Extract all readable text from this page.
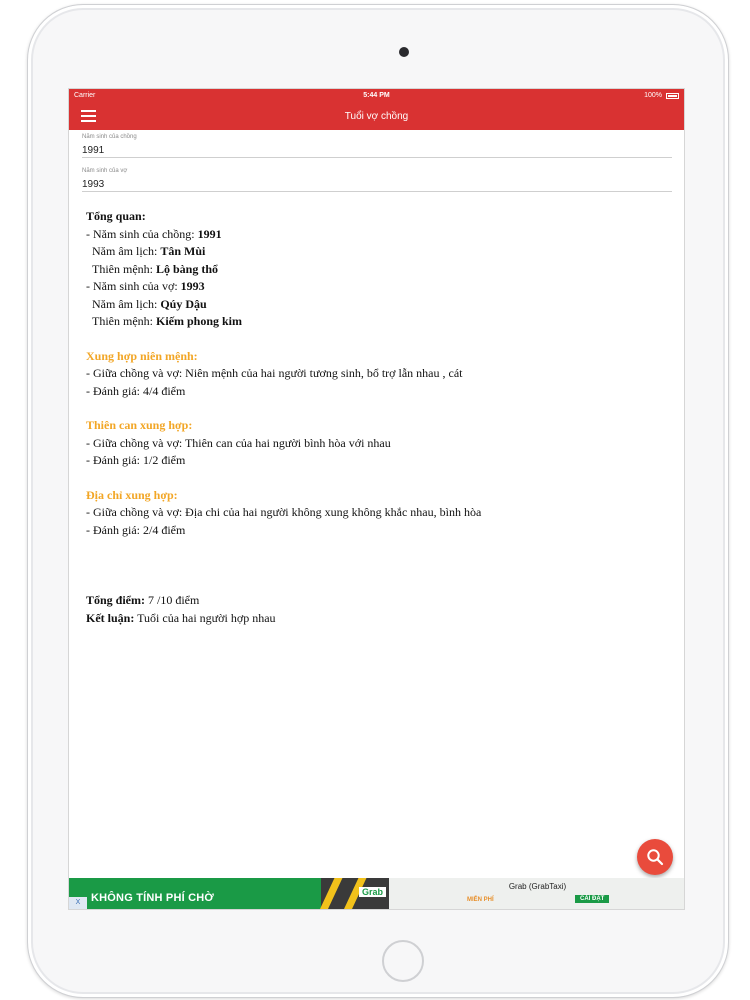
Carrier	5:44 PM	100%
Tuổi vợ chồng
Năm sinh của chồng
1991
Năm sinh của vợ
1993
Tổng quan:
- Năm sinh của chồng: 1991
Năm âm lịch: Tân Mùi
Thiên mệnh: Lộ bàng thổ
- Năm sinh của vợ: 1993
Năm âm lịch: Qúy Dậu
Thiên mệnh: Kiếm phong kim
Xung hợp niên mệnh:
- Giữa chồng và vợ: Niên mệnh của hai người tương sinh, bổ trợ lẫn nhau , cát
- Đánh giá: 4/4 điểm
Thiên can xung hợp:
- Giữa chồng và vợ: Thiên can của hai người bình hòa với nhau
- Đánh giá: 1/2 điểm
Địa chỉ xung hợp:
- Giữa chồng và vợ: Địa chi của hai người không xung không khắc nhau, bình hòa
- Đánh giá: 2/4 điểm
Tổng điểm: 7 /10 điểm
Kết luận: Tuổi của hai người hợp nhau
X KHÔNG TÍNH PHÍ CHỜ	Grab
Grab (GrabTaxi)
MIỄN PHÍ	CÀI ĐẶT
